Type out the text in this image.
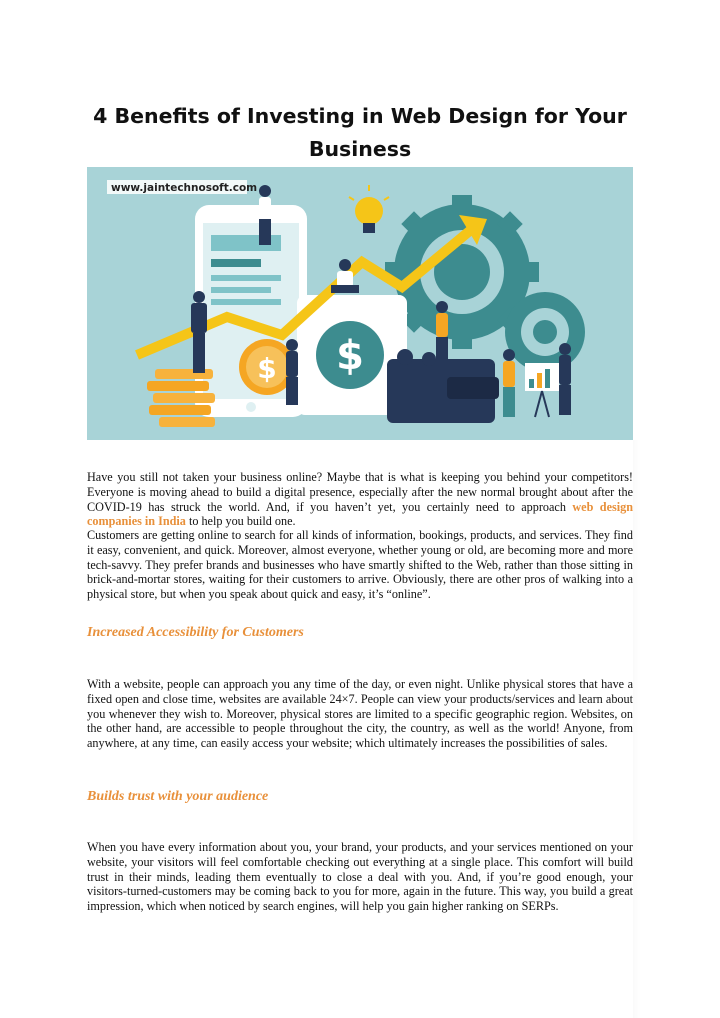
4 Benefits of Investing in Web Design for Your Business
$
$
www.jaintechnosoft.com

Have you still not taken your business online? Maybe that is what is keeping you behind your competitors! Everyone is moving ahead to build a digital presence, especially after the new normal brought about after the COVID-19 has struck the world. And, if you haven’t yet, you certainly need to approach web design companies in India to help you build one.

Customers are getting online to search for all kinds of information, bookings, products, and services. They find it easy, convenient, and quick. Moreover, almost everyone, whether young or old, are becoming more and more tech-savvy. They prefer brands and businesses who have smartly shifted to the Web, rather than those sitting in brick-and-mortar stores, waiting for their customers to arrive. Obviously, there are other pros of walking into a physical store, but when you speak about quick and easy, it’s “online”.

Increased Accessibility for Customers

With a website, people can approach you any time of the day, or even night. Unlike physical stores that have a fixed open and close time, websites are available 24×7. People can view your products/services and learn about you whenever they wish to. Moreover, physical stores are limited to a specific geographic region. Websites, on the other hand, are accessible to people throughout the city, the country, as well as the world! Anyone, from anywhere, at any time, can easily access your website; which ultimately increases the possibilities of sales.

Builds trust with your audience

When you have every information about you, your brand, your products, and your services mentioned on your website, your visitors will feel comfortable checking out everything at a single place. This comfort will build trust in their minds, leading them eventually to close a deal with you. And, if you’re good enough, your visitors-turned-customers may be coming back to you for more, again in the future. This way, you build a great impression, which when noticed by search engines, will help you gain higher ranking on SERPs.
